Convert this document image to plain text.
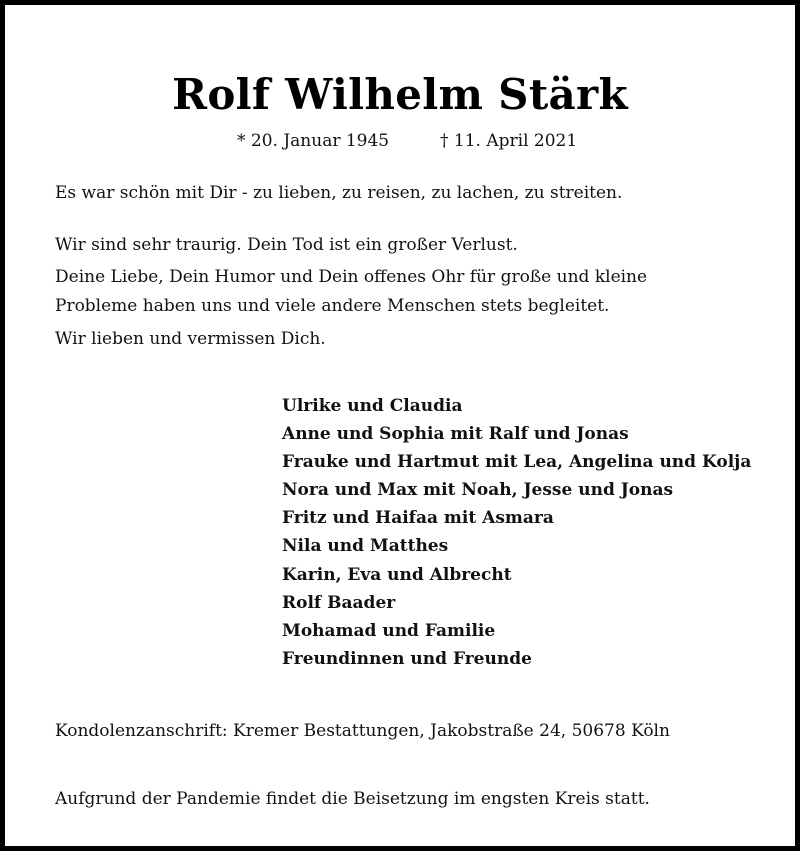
Rolf Wilhelm Stärk
* 20. Januar 1945	† 11. April 2021
Es war schön mit Dir - zu lieben, zu reisen, zu lachen, zu streiten.
Wir sind sehr traurig. Dein Tod ist ein großer Verlust.
Deine Liebe, Dein Humor und Dein offenes Ohr für große und kleine
Probleme haben uns und viele andere Menschen stets begleitet.
Wir lieben und vermissen Dich.
Ulrike und Claudia
Anne und Sophia mit Ralf und Jonas
Frauke und Hartmut mit Lea, Angelina und Kolja
Nora und Max mit Noah, Jesse und Jonas
Fritz und Haifaa mit Asmara
Nila und Matthes
Karin, Eva und Albrecht
Rolf Baader
Mohamad und Familie
Freundinnen und Freunde
Kondolenzanschrift: Kremer Bestattungen, Jakobstraße 24, 50678 Köln
Aufgrund der Pandemie findet die Beisetzung im engsten Kreis statt.
